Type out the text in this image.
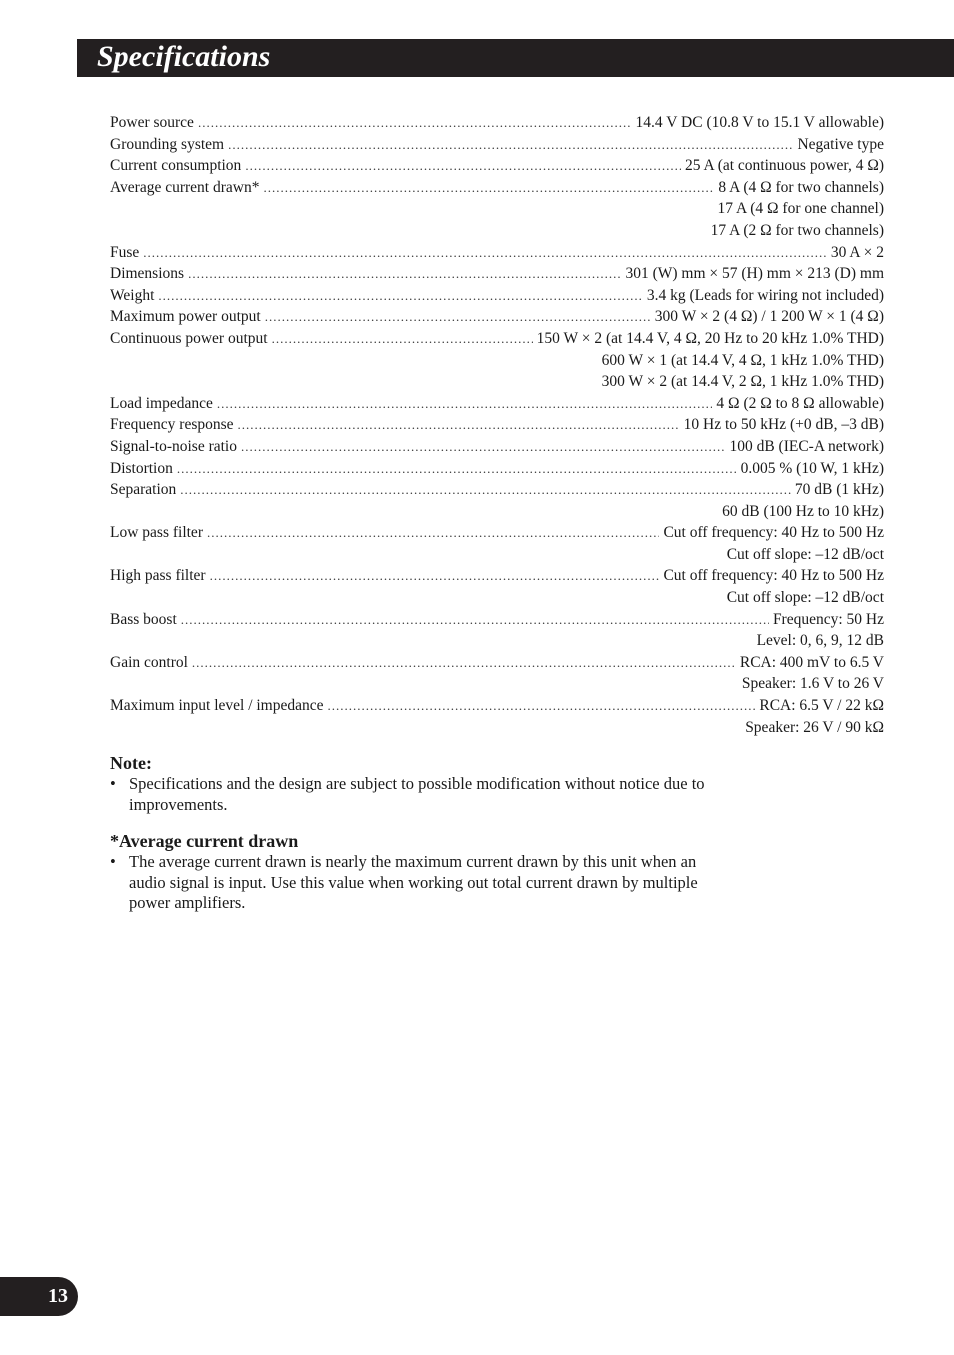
Specifications
Power source .....	14.4 V DC (10.8 V to 15.1 V allowable)
Grounding system .....	Negative type
Current consumption .....	25 A (at continuous power, 4 Ω)
Average current drawn* .....	8 A (4 Ω for two channels)
17 A (4 Ω for one channel)
17 A (2 Ω for two channels)
Fuse .....	30 A × 2
Dimensions .....	301 (W) mm × 57 (H) mm × 213 (D) mm
Weight .....	3.4 kg (Leads for wiring not included)
Maximum power output .....	300 W × 2 (4 Ω) / 1 200 W × 1 (4 Ω)
Continuous power output .....	150 W × 2 (at 14.4 V, 4 Ω, 20 Hz to 20 kHz 1.0% THD)
600 W × 1 (at 14.4 V, 4 Ω, 1 kHz 1.0% THD)
300 W × 2 (at 14.4 V, 2 Ω, 1 kHz 1.0% THD)
Load impedance .....	4 Ω (2 Ω to 8 Ω allowable)
Frequency response .....	10 Hz to 50 kHz (+0 dB, –3 dB)
Signal-to-noise ratio .....	100 dB (IEC-A network)
Distortion .....	0.005 % (10 W, 1 kHz)
Separation .....	70 dB (1 kHz)
60 dB (100 Hz to 10 kHz)
Low pass filter .....	Cut off frequency: 40 Hz to 500 Hz
Cut off slope: –12 dB/oct
High pass filter .....	Cut off frequency: 40 Hz to 500 Hz
Cut off slope: –12 dB/oct
Bass boost .....	Frequency: 50 Hz
Level: 0, 6, 9, 12 dB
Gain control .....	RCA: 400 mV to 6.5 V
Speaker: 1.6 V to 26 V
Maximum input level / impedance .....	RCA: 6.5 V / 22 kΩ
Speaker: 26 V / 90 kΩ
Note:
• Specifications and the design are subject to possible modification without notice due to improvements.
*Average current drawn
• The average current drawn is nearly the maximum current drawn by this unit when an audio signal is input. Use this value when working out total current drawn by multiple power amplifiers.
13
